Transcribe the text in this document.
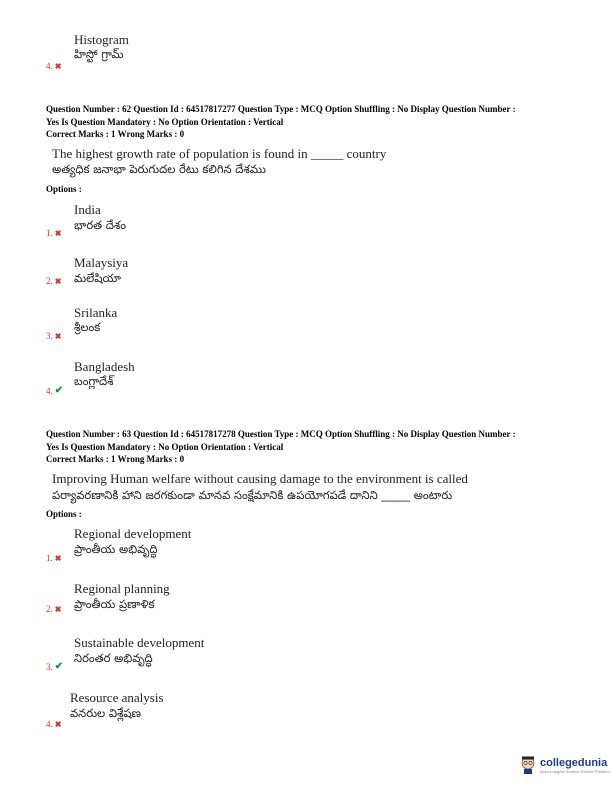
Histogram
హిస్టో గ్రామ్
4. ✖
Question Number : 62 Question Id : 64517817277 Question Type : MCQ Option Shuffling : No Display Question Number :
Yes Is Question Mandatory : No Option Orientation : Vertical
Correct Marks : 1 Wrong Marks : 0
The highest growth rate of population is found in _____ country
అత్యధిక జనాభా పెరుగుదల రేటు కలిగిన దేశము
Options :
India
భారత దేశం
1. ✖
Malaysiya
మలేషియా
2. ✖
Srilanka
శ్రీలంక
3. ✖
Bangladesh
బంగ్లాదేశ్
4. ✔
Question Number : 63 Question Id : 64517817278 Question Type : MCQ Option Shuffling : No Display Question Number :
Yes Is Question Mandatory : No Option Orientation : Vertical
Correct Marks : 1 Wrong Marks : 0
Improving Human welfare without causing damage to the environment is called
పర్యావరణానికి హాని జరగకుండా మానవ సంక్షేమానికి ఉపయోగపడే దానిని _____ అంటారు
Options :
Regional development
ప్రాంతీయ అభివృద్ధి
1. ✖
Regional planning
ప్రాంతీయ ప్రణాళిక
2. ✖
Sustainable development
నిరంతర అభివృద్ధి
3. ✔
Resource analysis
వనరుల విశ్లేషణ
4. ✖
collegedunia
India's largest Student Review Platform
